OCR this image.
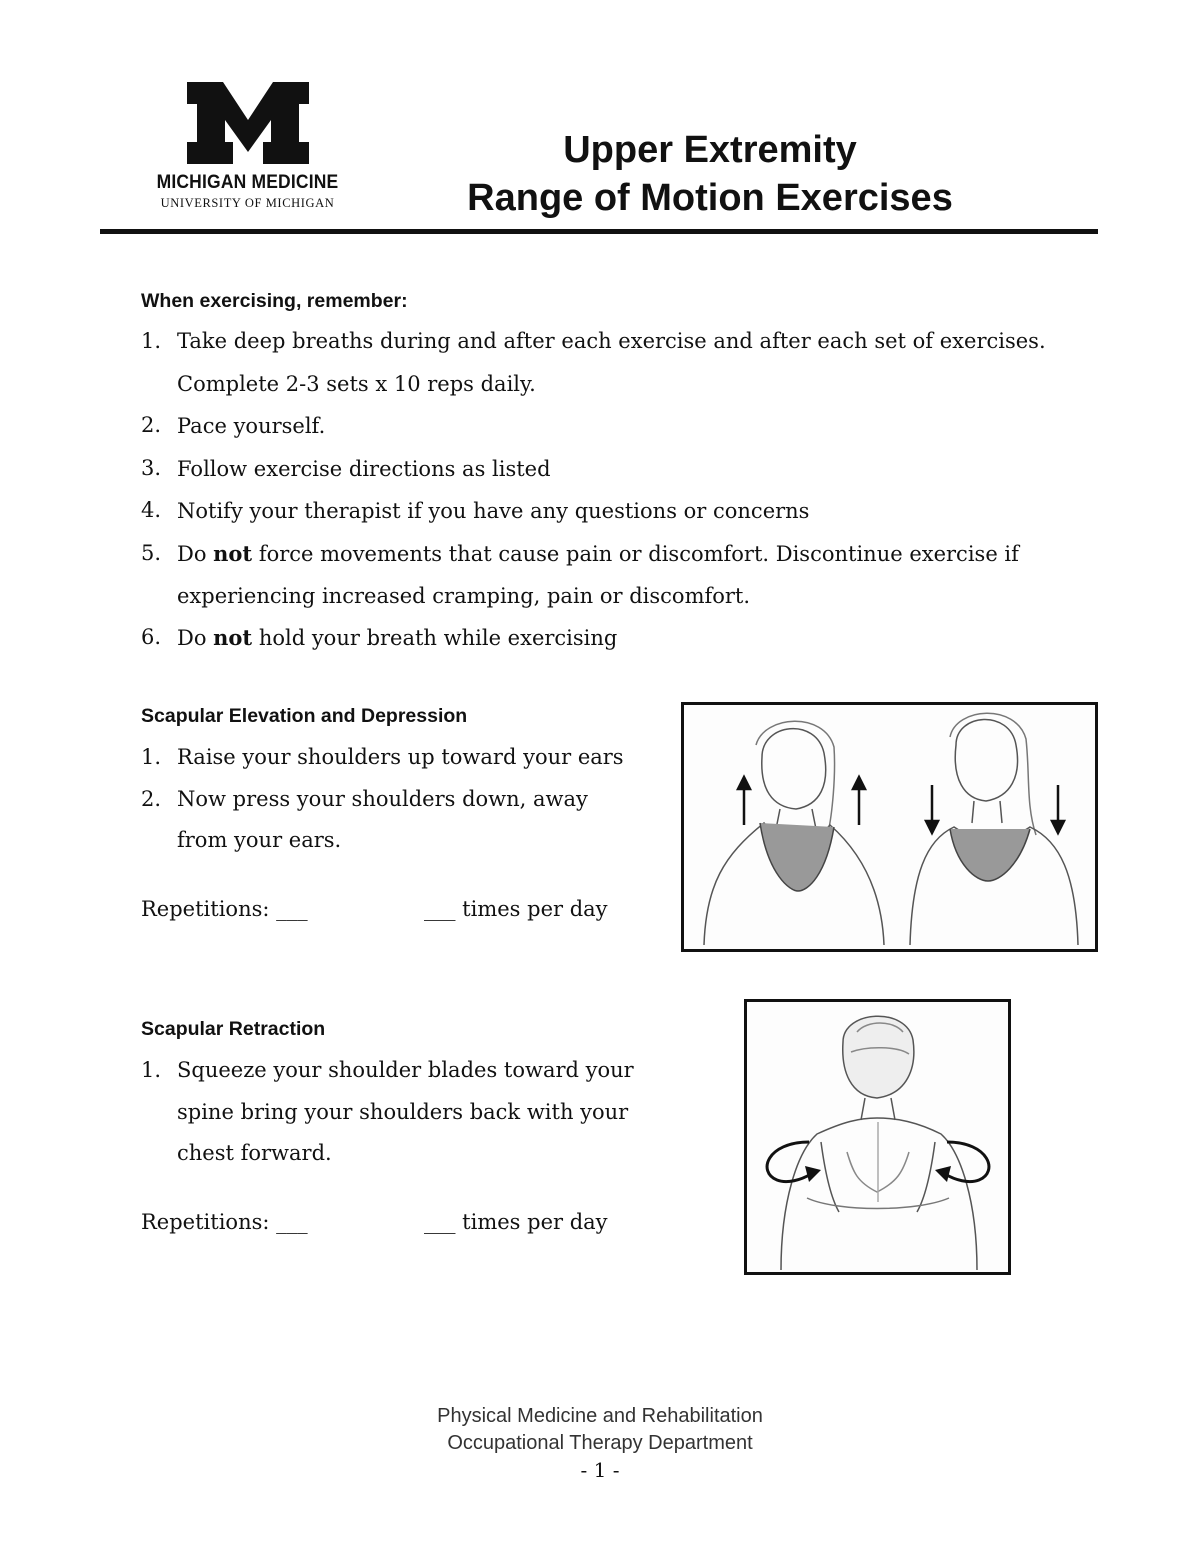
MICHIGAN MEDICINE
UNIVERSITY OF MICHIGAN
Upper Extremity
Range of Motion Exercises
When exercising, remember:
1. Take deep breaths during and after each exercise and after each set of exercises. Complete 2-3 sets x 10 reps daily.
2. Pace yourself.
3. Follow exercise directions as listed
4. Notify your therapist if you have any questions or concerns
5. Do not force movements that cause pain or discomfort. Discontinue exercise if experiencing increased cramping, pain or discomfort.
6. Do not hold your breath while exercising
Scapular Elevation and Depression
1. Raise your shoulders up toward your ears
2. Now press your shoulders down, away from your ears.
Repetitions: ___	___ times per day
Scapular Retraction
1. Squeeze your shoulder blades toward your spine bring your shoulders back with your chest forward.
Repetitions: ___	___ times per day
Physical Medicine and Rehabilitation
Occupational Therapy Department
- 1 -
